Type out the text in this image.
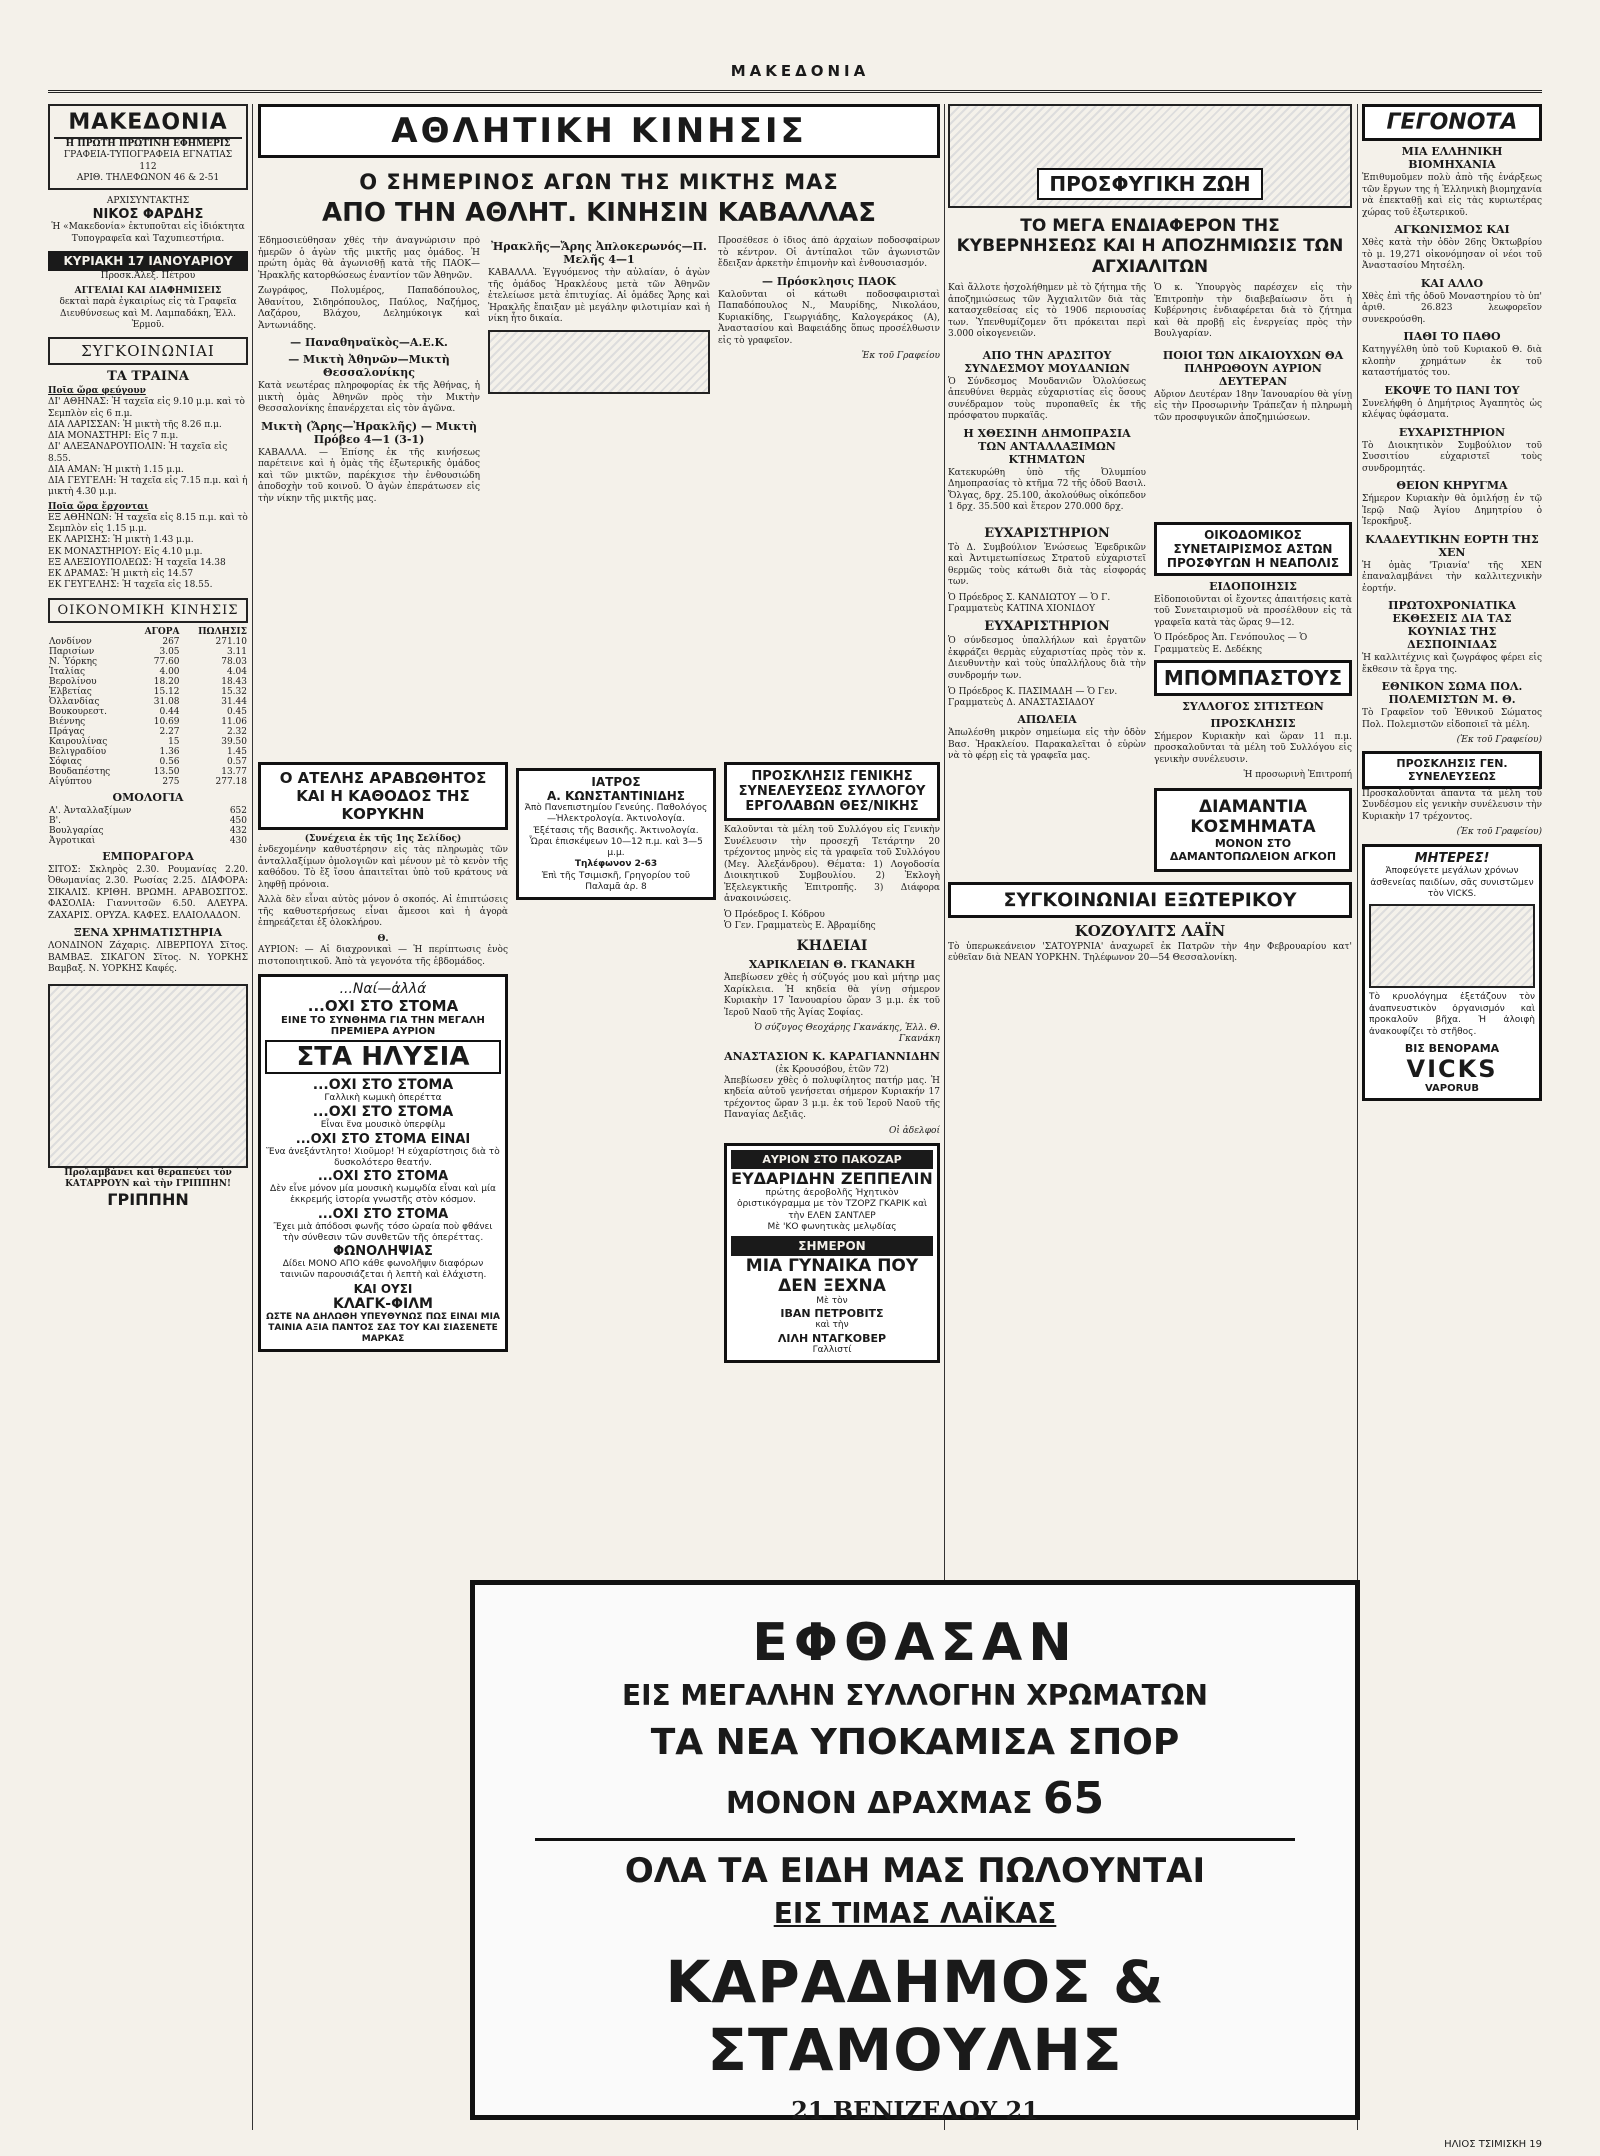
ΜΑΚΕΔΟΝΙΑ
ΜΑΚΕΔΟΝΙΑ
Η ΠΡΩΤΗ ΠΡΩΤΙΝΗ ΕΦΗΜΕΡΙΣ
ΓΡΑΦΕΙΑ-ΤΥΠΟΓΡΑΦΕΙΑ ΕΓΝΑΤΙΑΣ 112
ΑΡΙΘ. ΤΗΛΕΦΩΝΟΝ 46 & 2-51
ΑΡΧΙΣΥΝΤΑΚΤΗΣ
ΝΙΚΟΣ ΦΑΡΔΗΣ
Ἡ «Μακεδονία» ἐκτυποῦται εἰς ἰδιόκτητα Τυπογραφεῖα καὶ Ταχυπιεστήρια.
ΚΥΡΙΑΚΗ 17 ΙΑΝΟΥΑΡΙΟΥ
Προσκ.Ἀλεξ. Πέτρου
ΑΓΓΕΛΙΑΙ ΚΑΙ ΔΙΑΦΗΜΙΣΕΙΣ
δεκταὶ παρὰ ἐγκαιρίως εἰς τὰ Γραφεῖα Διευθύνσεως καὶ Μ. Λαμπαδάκη, Ἑλλ. Ἑρμοῦ.
ΣΥΓΚΟΙΝΩΝΙΑΙ
ΤΑ ΤΡΑΙΝΑ
Ποῖα ὥρα φεύγουν
ΔΙ' ΑΘΗΝΑΣ: Ἡ ταχεῖα εἰς 9.10 μ.μ. καὶ τὸ Σεμπλὸν εἰς 6 π.μ.
ΔΙΑ ΛΑΡΙΣΣΑΝ: Ἡ μικτὴ τῆς 8.26 π.μ.
ΔΙΑ ΜΟΝΑΣΤΗΡΙ: Εἰς 7 π.μ.
ΔΙ' ΑΛΕΞΑΝΔΡΟΥΠΟΛΙΝ: Ἡ ταχεῖα εἰς 8.55.
ΔΙΑ ΑΜΑΝ: Ἡ μικτὴ 1.15 μ.μ.
ΔΙΑ ΓΕΥΓΕΛΗ: Ἡ ταχεῖα εἰς 7.15 π.μ. καὶ ἡ μικτὴ 4.30 μ.μ.
Ποῖα ὥρα ἔρχονται
ΕΞ ΑΘΗΝΩΝ: Ἡ ταχεῖα εἰς 8.15 π.μ. καὶ τὸ Σεμπλὸν εἰς 1.15 μ.μ.
ΕΚ ΛΑΡΙΣΗΣ: Ἡ μικτὴ 1.43 μ.μ.
ΕΚ ΜΟΝΑΣΤΗΡΙΟΥ: Εἰς 4.10 μ.μ.
ΕΞ ΑΛΕΞΙΟΥΠΟΛΕΩΣ: Ἡ ταχεῖα 14.38
ΕΚ ΔΡΑΜΑΣ: Ἡ μικτὴ εἰς 14.57
ΕΚ ΓΕΥΓΕΛΗΣ: Ἡ ταχεῖα εἰς 18.55.
ΟΙΚΟΝΟΜΙΚΗ ΚΙΝΗΣΙΣ
	ΑΓΟΡΑ	ΠΩΛΗΣΙΣ
Λονδίνον	267	271.10
Παρισίων	3.05	3.11
Ν. Ὑόρκης	77.60	78.03
Ἰταλίας	4.00	4.04
Βερολίνου	18.20	18.43
Ἑλβετίας	15.12	15.32
Ὀλλανδίας	31.08	31.44
Βουκουρεστ.	0.44	0.45
Βιέννης	10.69	11.06
Πράγας	2.27	2.32
Καιρουλίνας	15	39.50
Βελιγραδίου	1.36	1.45
Σόφιας	0.56	0.57
Βουδαπέστης	13.50	13.77
Αἰγύπτου	275	277.18
ΟΜΟΛΟΓΙΑ
Α'. Ἀνταλλαξίμων	652
Β'.	450
Βουλγαρίας	432
Ἀγροτικαὶ	430
ΕΜΠΟΡΑΓΟΡΑ

ΣΙΤΟΣ: Σκληρὸς 2.30. Ρουμανίας 2.20. Ὀθωμανίας 2.30. Ρωσίας 2.25. ΔΙΑΦΟΡΑ: ΣΙΚΑΛΙΣ. ΚΡΙΘΗ. ΒΡΩΜΗ. ΑΡΑΒΟΣΙΤΟΣ. ΦΑΣΟΛΙΑ: Γιαννιτσῶν 6.50. ΑΛΕΥΡΑ. ΖΑΧΑΡΙΣ. ΟΡΥΖΑ. ΚΑΦΕΣ. ΕΛΑΙΟΛΑΔΟΝ.

ΞΕΝΑ ΧΡΗΜΑΤΙΣΤΗΡΙΑ

ΛΟΝΔΙΝΟΝ Ζάχαρις. ΛΙΒΕΡΠΟΥΛ Σῖτος. ΒΑΜΒΑΞ. ΣΙΚΑΓΟΝ Σῖτος. Ν. ΥΟΡΚΗΣ Βαμβαξ. Ν. ΥΟΡΚΗΣ Καφές.

Προλαμβάνει καὶ θεραπεύει τὸν ΚΑΤΑΡΡΟΥΝ καὶ τὴν ΓΡΙΠΠΗΝ!
ΓΡΙΠΠΗΝ
ΑΘΛΗΤΙΚΗ ΚΙΝΗΣΙΣ
Ο ΣΗΜΕΡΙΝΟΣ ΑΓΩΝ ΤΗΣ ΜΙΚΤΗΣ ΜΑΣ
ΑΠΟ ΤΗΝ ΑΘΛΗΤ. ΚΙΝΗΣΙΝ ΚΑΒΑΛΛΑΣ

Ἐδημοσιεύθησαν χθὲς τὴν ἀναγνώρισιν πρὸ ἡμερῶν ὁ ἀγὼν τῆς μικτῆς μας ὁμάδος. Ἡ πρώτη ὁμὰς θὰ ἀγωνισθῇ κατὰ τῆς ΠΑΟΚ—Ἠρακλῆς κατορθώσεως ἐναντίον τῶν Ἀθηνῶν.

Ζωγράφος, Πολυμέρος, Παπαδόπουλος, Ἀθανίτου, Σιδηρόπουλος, Παύλος, Ναζήμος, Λαζάρου, Βλάχου, Δελημύκοιγκ καὶ Ἀντωνιάδης.

— Παναθηναϊκὸς—Α.Ε.Κ.
— Μικτὴ Ἀθηνῶν—Μικτὴ Θεσσαλονίκης

Κατὰ νεωτέρας πληροφορίας ἐκ τῆς Ἀθήνας, ἡ μικτὴ ὁμὰς Ἀθηνῶν πρὸς τὴν Μικτὴν Θεσσαλονίκης ἐπανέρχεται εἰς τὸν ἀγῶνα.

Μικτὴ (Ἄρης—Ἠρακλῆς) — Μικτὴ Πρόβεο 4—1 (3-1)

ΚΑΒΑΛΛΑ. — Ἐπίσης ἐκ τῆς κινήσεως παρέτεινε καὶ ἡ ὁμὰς τῆς ἐξωτερικῆς ὁμάδος καὶ τῶν μικτῶν, παρέκχισε τὴν ἐνθουσιώδη ἀποδοχὴν τοῦ κοινοῦ. Ὁ ἀγὼν ἐπεράτωσεν εἰς τὴν νίκην τῆς μικτῆς μας.

Ἠρακλῆς—Ἄρης Ἀπλοκερωνός—Π. Μελῆς 4—1

ΚΑΒΑΛΛΑ. Ἐγγυόμενος τὴν αὐλαίαν, ὁ ἀγὼν τῆς ὁμάδος Ἠρακλέους μετὰ τῶν Ἀθηνῶν ἐτελείωσε μετὰ ἐπιτυχίας. Αἱ ὁμάδες Ἄρης καὶ Ἠρακλῆς ἔπαιξαν μὲ μεγάλην φιλοτιμίαν καὶ ἡ νίκη ἦτο δικαία.

Προσέθεσε ὁ ἴδιος ἀπὸ ἀρχαίων ποδοσφαίρων τὸ κέντρον. Οἱ ἀντίπαλοι τῶν ἀγωνιστῶν ἔδειξαν ἀρκετὴν ἐπιμονὴν καὶ ἐνθουσιασμόν.

— Πρόσκλησις ΠΑΟΚ

Καλοῦνται οἱ κάτωθι ποδοσφαιρισταὶ Παπαδόπουλος Ν., Μαυρίδης, Νικολάου, Κυριακίδης, Γεωργιάδης, Καλογεράκος (Α), Ἀναστασίου καὶ Βαφειάδης ὅπως προσέλθωσιν εἰς τὸ γραφεῖον.

Ἐκ τοῦ Γραφείου
Ο ΑΤΕΛΗΣ ΑΡΑΒΩΘΗΤΟΣ ΚΑΙ Η ΚΑΘΟΔΟΣ ΤΗΣ ΚΟΡΥΚΗΝ
(Συνέχεια ἐκ τῆς 1ης Σελίδος)

ἐνδεχομένην καθυστέρησιν εἰς τὰς πληρωμὰς τῶν ἀνταλλαξίμων ὁμολογιῶν καὶ μένουν μὲ τὸ κενὸν τῆς καθόδου. Τὸ ἔξ ἴσου ἀπαιτεῖται ὑπὸ τοῦ κράτους νὰ ληφθῇ πρόνοια.

Ἀλλὰ δὲν εἶναι αὐτὸς μόνον ὁ σκοπός. Αἱ ἐπιπτώσεις τῆς καθυστερήσεως εἶναι ἄμεσοι καὶ ἡ ἀγορὰ ἐπηρεάζεται ἐξ ὁλοκλήρου.

Θ.

ΑΥΡΙΟΝ: — Αἱ διαχρονικαὶ — Ἡ περίπτωσις ἐνὸς πιστοποιητικοῦ. Ἀπὸ τὰ γεγονότα τῆς ἑβδομάδος.

...Ναί—ἀλλά
...ΟΧΙ ΣΤΟ ΣΤΟΜΑ
ΕΙΝΕ ΤΟ ΣΥΝΘΗΜΑ ΓΙΑ ΤΗΝ ΜΕΓΑΛΗ ΠΡΕΜΙΕΡΑ ΑΥΡΙΟΝ
ΣΤΑ ΗΛΥΣΙΑ
...ΟΧΙ ΣΤΟ ΣΤΟΜΑ
Γαλλικὴ κωμικὴ ὀπερέττα
...ΟΧΙ ΣΤΟ ΣΤΟΜΑ
Εἶναι ἕνα μουσικὸ ὑπερφίλμ
...ΟΧΙ ΣΤΟ ΣΤΟΜΑ ΕΙΝΑΙ
Ἕνα ἀνεξάντλητο! Χιοῦμορ! Ἡ εὐχαρίστησις διὰ τὸ δυσκολότερο θεατήν.
...ΟΧΙ ΣΤΟ ΣΤΟΜΑ
Δὲν εἶνε μόνον μία μουσικὴ κωμῳδία εἶναι καὶ μία ἐκκρεμής ἱστορία γνωστῆς στὸν κόσμον.
...ΟΧΙ ΣΤΟ ΣΤΟΜΑ
Ἔχει μιὰ ἀπόδοσι φωνῆς τόσο ὡραία ποὺ φθάνει τὴν σύνθεσιν τῶν συνθετῶν τῆς ὀπερέττας.
ΦΩΝΟΛΗΨΙΑΣ
Δίδει ΜΟΝΟ ΑΠΟ κάθε φωνολῆψιν διαφόρων ταινιῶν παρουσιάζεται ἡ λεπτὴ καὶ ἐλάχιστη.
ΚΑΙ ΟΥΣΙ
ΚΛΑΓΚ-ΦΙΛΜ
ΩΣΤΕ ΝΑ ΔΗΛΩΘΗ ΥΠΕΥΘΥΝΩΣ ΠΩΣ ΕΙΝΑΙ ΜΙΑ ΤΑΙΝΙΑ ΑΞΙΑ ΠΑΝΤΟΣ ΣΑΣ ΤΟΥ ΚΑΙ ΣΙΑΣΕΝΕΤΕ ΜΑΡΚΑΣ
ΙΑΤΡΟΣ
Α. ΚΩΝΣΤΑΝΤΙΝΙΔΗΣ
Ἀπὸ Πανεπιστημίου Γενεύης. Παθολόγος—Ἠλεκτρολογία. Ἀκτινολογία.
Ἐξέτασις τῆς Βασικῆς. Ἀκτινολογία. Ὧραι ἐπισκέψεων 10—12 π.μ. καὶ 3—5 μ.μ.
Τηλέφωνον 2-63
Ἐπὶ τῆς Τσιμισκῆ, Γρηγορίου τοῦ Παλαμᾶ ἀρ. 8
ΠΡΟΣΚΛΗΣΙΣ ΓΕΝΙΚΗΣ ΣΥΝΕΛΕΥΣΕΩΣ ΣΥΛΛΟΓΟΥ ΕΡΓΟΛΑΒΩΝ ΘΕΣ/ΝΙΚΗΣ

Καλοῦνται τὰ μέλη τοῦ Συλλόγου εἰς Γενικὴν Συνέλευσιν τὴν προσεχῆ Τετάρτην 20 τρέχοντος μηνὸς εἰς τὰ γραφεῖα τοῦ Συλλόγου (Μεγ. Ἀλεξάνδρου). Θέματα: 1) Λογοδοσία Διοικητικοῦ Συμβουλίου. 2) Ἐκλογὴ Ἐξελεγκτικῆς Ἐπιτροπῆς. 3) Διάφορα ἀνακοινώσεις.

Ὁ Πρόεδρος Ι. Κόδρου
Ὁ Γεν. Γραμματεὺς Ε. Ἀβραμίδης
ΚΗΔΕΙΑΙ
ΧΑΡΙΚΛΕΙΑΝ Θ. ΓΚΑΝΑΚΗ

Ἀπεβίωσεν χθὲς ἡ σύζυγός μου καὶ μήτηρ μας Χαρίκλεια. Ἡ κηδεία θὰ γίνῃ σήμερον Κυριακὴν 17 Ἰανουαρίου ὥραν 3 μ.μ. ἐκ τοῦ Ἱεροῦ Ναοῦ τῆς Ἁγίας Σοφίας.

Ὁ σύζυγος Θεοχάρης Γκανάκης, Ἑλλ. Θ. Γκανάκη
ΑΝΑΣΤΑΣΙΟΝ Κ. ΚΑΡΑΓΙΑΝΝΙΔΗΝ
(ἐκ Κρουσόβου, ἐτῶν 72)

Ἀπεβίωσεν χθὲς ὁ πολυφίλητος πατήρ μας. Ἡ κηδεία αὐτοῦ γενήσεται σήμερον Κυριακήν 17 τρέχοντος ὥραν 3 μ.μ. ἐκ τοῦ Ἱεροῦ Ναοῦ τῆς Παναγίας Δεξιᾶς.

Οἱ ἀδελφοί
ΑΥΡΙΟΝ ΣΤΟ ΠΑΚΟΖΑΡ
ΕΥΔΑΡΙΔΗΝ ΖΕΠΠΕΛΙΝ
πρώτης ἀεροβολῆς Ἠχητικὸν ὁριστικόγραμμα με τὸν ΤΖΟΡΖ ΓΚΑΡΙΚ καὶ τὴν ΕΛΕΝ ΣΑΝΤΛΕΡ
Μὲ 'ΚΟ φωνητικὰς μελῳδίας
ΣΗΜΕΡΟΝ
ΜΙΑ ΓΥΝΑΙΚΑ ΠΟΥ ΔΕΝ ΞΕΧΝΑ
Μὲ τὸν
ΙΒΑΝ ΠΕΤΡΟΒΙΤΣ
καὶ τὴν
ΛΙΛΗ ΝΤΑΓΚΟΒΕΡ
Γαλλιστί
ΠΡΟΣΦΥΓΙΚΗ ΖΩΗ
ΤΟ ΜΕΓΑ ΕΝΔΙΑΦΕΡΟΝ ΤΗΣ ΚΥΒΕΡΝΗΣΕΩΣ ΚΑΙ Η ΑΠΟΖΗΜΙΩΣΙΣ ΤΩΝ ΑΓΧΙΑΛΙΤΩΝ

Καὶ ἄλλοτε ἠσχολήθημεν μὲ τὸ ζήτημα τῆς ἀποζημιώσεως τῶν Ἀγχιαλιτῶν διὰ τὰς κατασχεθείσας εἰς τὸ 1906 περιουσίας των. Ὑπενθυμίζομεν ὅτι πρόκειται περὶ 3.000 οἰκογενειῶν.

Ὁ κ. Ὑπουργὸς παρέσχεν εἰς τὴν Ἐπιτροπὴν τὴν διαβεβαίωσιν ὅτι ἡ Κυβέρνησις ἐνδιαφέρεται διὰ τὸ ζήτημα καὶ θὰ προβῇ εἰς ἐνεργείας πρὸς τὴν Βουλγαρίαν.

ΑΠΟ ΤΗΝ ΑΡΔΣΙΤΟΥ ΣΥΝΔΕΣΜΟΥ ΜΟΥΔΑΝΙΩΝ

Ὁ Σύνδεσμος Μουδανιῶν Ὀλολύσεως ἀπευθύνει θερμὰς εὐχαριστίας εἰς ὅσους συνέδραμον τοὺς πυροπαθεῖς ἐκ τῆς πρόσφατου πυρκαϊᾶς.

Η ΧΘΕΣΙΝΗ ΔΗΜΟΠΡΑΣΙΑ ΤΩΝ ΑΝΤΑΛΛΑΞΙΜΩΝ ΚΤΗΜΑΤΩΝ

Κατεκυρώθη ὑπὸ τῆς Ὀλυμπίου Δημοπρασίας τὸ κτῆμα 72 τῆς ὁδοῦ Βασιλ. Ὄλγας, δρχ. 25.100, ἀκολούθως οἰκόπεδον 1 δρχ. 35.500 καὶ ἕτερον 270.000 δρχ.

ΠΟΙΟΙ ΤΩΝ ΔΙΚΑΙΟΥΧΩΝ ΘΑ ΠΛΗΡΩΘΟΥΝ ΑΥΡΙΟΝ ΔΕΥΤΕΡΑΝ

Αὔριον Δευτέραν 18ην Ἰανουαρίου θὰ γίνῃ εἰς τὴν Προσωρινὴν Τράπεζαν ἡ πληρωμὴ τῶν προσφυγικῶν ἀποζημιώσεων.

ΕΥΧΑΡΙΣΤΗΡΙΟΝ

Τὸ Δ. Συμβούλιον Ἑνώσεως Ἐφεδρικῶν καὶ Ἀντιμετωπίσεως Στρατοῦ εὐχαριστεῖ θερμῶς τοὺς κάτωθι διὰ τὰς εἰσφοράς των.

Ὁ Πρόεδρος Σ. ΚΑΝΔΙΩΤΟΥ — Ὁ Γ. Γραμματεὺς ΚΑΤΙΝΑ ΧΙΟΝΙΔΟΥ
ΕΥΧΑΡΙΣΤΗΡΙΟΝ

Ὁ σύνδεσμος ὑπαλλήλων καὶ ἐργατῶν ἐκφράζει θερμὰς εὐχαριστίας πρὸς τὸν κ. Διευθυντὴν καὶ τοὺς ὑπαλλήλους διὰ τὴν συνδρομήν των.

Ὁ Πρόεδρος Κ. ΠΑΣΙΜΑΔΗ — Ὁ Γεν. Γραμματεὺς Δ. ΑΝΑΣΤΑΣΙΑΔΟΥ
ΑΠΩΛΕΙΑ

Ἀπωλέσθη μικρὸν σημείωμα εἰς τὴν ὁδὸν Βασ. Ἡρακλείου. Παρακαλεῖται ὁ εὑρὼν νὰ τὸ φέρῃ εἰς τὰ γραφεῖα μας.

ΟΙΚΟΔΟΜΙΚΟΣ ΣΥΝΕΤΑΙΡΙΣΜΟΣ ΑΣΤΩΝ ΠΡΟΣΦΥΓΩΝ Η ΝΕΑΠΟΛΙΣ
ΕΙΔΟΠΟΙΗΣΙΣ

Εἰδοποιοῦνται οἱ ἔχοντες ἀπαιτήσεις κατὰ τοῦ Συνεταιρισμοῦ νὰ προσέλθουν εἰς τὰ γραφεῖα κατὰ τὰς ὥρας 9—12.

Ὁ Πρόεδρος Ἀπ. Γενόπουλος — Ὁ Γραμματεὺς Ε. Δεδέκης
ΜΠΟΜΠΑΣΤΟΥΣ
ΣΥΛΛΟΓΟΣ ΣΙΤΙΣΤΕΩΝ
ΠΡΟΣΚΛΗΣΙΣ

Σήμερον Κυριακὴν καὶ ὥραν 11 π.μ. προσκαλοῦνται τὰ μέλη τοῦ Συλλόγου εἰς γενικὴν συνέλευσιν.

Ἡ προσωρινὴ Ἐπιτροπή
ΔΙΑΜΑΝΤΙΑ
ΚΟΣΜΗΜΑΤΑ
ΜΟΝΟΝ ΣΤΟ ΔΑΜΑΝΤΟΠΩΛΕΙΟΝ ΑΓΚΟΠ
ΣΥΓΚΟΙΝΩΝΙΑΙ ΕΞΩΤΕΡΙΚΟΥ
ΚΟΖΟΥΛΙΤΣ ΛΑΪΝ

Τὸ ὑπερωκεάνειον 'ΣΑΤΟΥΡΝΙΑ' ἀναχωρεῖ ἐκ Πατρῶν τὴν 4ην Φεβρουαρίου κατ' εὐθεῖαν διὰ ΝΕΑΝ ΥΟΡΚΗΝ. Τηλέφωνον 20—54 Θεσσαλονίκη.

ΓΕΓΟΝΟΤΑ
ΜΙΑ ΕΛΛΗΝΙΚΗ ΒΙΟΜΗΧΑΝΙΑ

Ἐπιθυμοῦμεν πολὺ ἀπὸ τῆς ἐνάρξεως τῶν ἔργων της ἡ Ἑλληνικὴ βιομηχανία νὰ ἐπεκταθῇ καὶ εἰς τὰς κυριωτέρας χώρας τοῦ ἐξωτερικοῦ.

ΑΓΚΩΝΙΣΜΟΣ ΚΑΙ

Χθὲς κατὰ τὴν ὁδὸν 26ης Ὀκτωβρίου τὸ μ. 19,271 οἰκονόμησαν οἱ νέοι τοῦ Ἀναστασίου Μητσέλη.

ΚΑΙ ΑΛΛΟ

Χθὲς ἐπὶ τῆς ὁδοῦ Μοναστηρίου τὸ ὑπ' ἀριθ. 26.823 λεωφορεῖον συνεκρούσθη.

ΠΑΘΙ ΤΟ ΠΑΘΟ

Κατηγγέλθη ὑπὸ τοῦ Κυριακοῦ Θ. διὰ κλοπὴν χρημάτων ἐκ τοῦ καταστήματός του.

ΕΚΟΨΕ ΤΟ ΠΑΝΙ ΤΟΥ

Συνελήφθη ὁ Δημήτριος Ἀγαπητὸς ὡς κλέψας ὑφάσματα.

ΕΥΧΑΡΙΣΤΗΡΙΟΝ

Τὸ Διοικητικὸν Συμβούλιον τοῦ Συσσιτίου εὐχαριστεῖ τοὺς συνδρομητάς.

ΘΕΙΟΝ ΚΗΡΥΓΜΑ

Σήμερον Κυριακὴν θὰ ὁμιλήσῃ ἐν τῷ Ἱερῷ Ναῷ Ἁγίου Δημητρίου ὁ Ἱεροκῆρυξ.

ΚΛΑΔΕΥΤΙΚΗΝ ΕΟΡΤΗ ΤΗΣ ΧΕΝ

Ἡ ὁμὰς 'Τριανία' τῆς ΧΕΝ ἐπαναλαμβάνει τὴν καλλιτεχνικὴν ἑορτήν.

ΠΡΩΤΟΧΡΟΝΙΑΤΙΚΑ ΕΚΘΕΣΕΙΣ ΔΙΑ ΤΑΣ ΚΟΥΝΙΑΣ ΤΗΣ ΔΕΣΠΟΙΝΙΔΑΣ

Ἡ καλλιτέχνις καὶ ζωγράφος φέρει εἰς ἔκθεσιν τὰ ἔργα της.

ΕΘΝΙΚΟΝ ΣΩΜΑ ΠΟΛ. ΠΟΛΕΜΙΣΤΩΝ Μ. Θ.

Τὸ Γραφεῖον τοῦ Ἐθνικοῦ Σώματος Πολ. Πολεμιστῶν εἰδοποιεῖ τὰ μέλη.

(Ἐκ τοῦ Γραφείου)
ΠΡΟΣΚΛΗΣΙΣ ΓΕΝ. ΣΥΝΕΛΕΥΣΕΩΣ

Προσκαλοῦνται ἅπαντα τὰ μέλη τοῦ Συνδέσμου εἰς γενικὴν συνέλευσιν τὴν Κυριακὴν 17 τρέχοντος.

(Ἐκ τοῦ Γραφείου)
ΜΗΤΕΡΕΣ!
Ἀποφεύγετε μεγάλων χρόνων ἀσθενείας παιδίων, σᾶς συνιστῶμεν τὸν VICKS.

Τὸ κρυολόγημα ἐξετάζουν τὸν ἀναπνευστικὸν ὀργανισμόν καὶ προκαλοῦν βῆχα. Ἡ ἀλοιφὴ ἀνακουφίζει τὸ στῆθος.

ΒΙΣ ΒΕΝΟΡΑΜΑ
VICKS
VAPORUB
ΕΦΘΑΣΑΝ
ΕΙΣ ΜΕΓΑΛΗΝ ΣΥΛΛΟΓΗΝ ΧΡΩΜΑΤΩΝ
ΤΑ ΝΕΑ ΥΠΟΚΑΜΙΣΑ ΣΠΟΡ
ΜΟΝΟΝ ΔΡΑΧΜΑΣ 65
ΟΛΑ ΤΑ ΕΙΔΗ ΜΑΣ ΠΩΛΟΥΝΤΑΙ
ΕΙΣ ΤΙΜΑΣ ΛΑΪΚΑΣ
ΚΑΡΑΔΗΜΟΣ & ΣΤΑΜΟΥΛΗΣ
21 ΒΕΝΙΖΕΛΟΥ 21
ΗΛΙΟΣ ΤΣΙΜΙΣΚΗ 19
